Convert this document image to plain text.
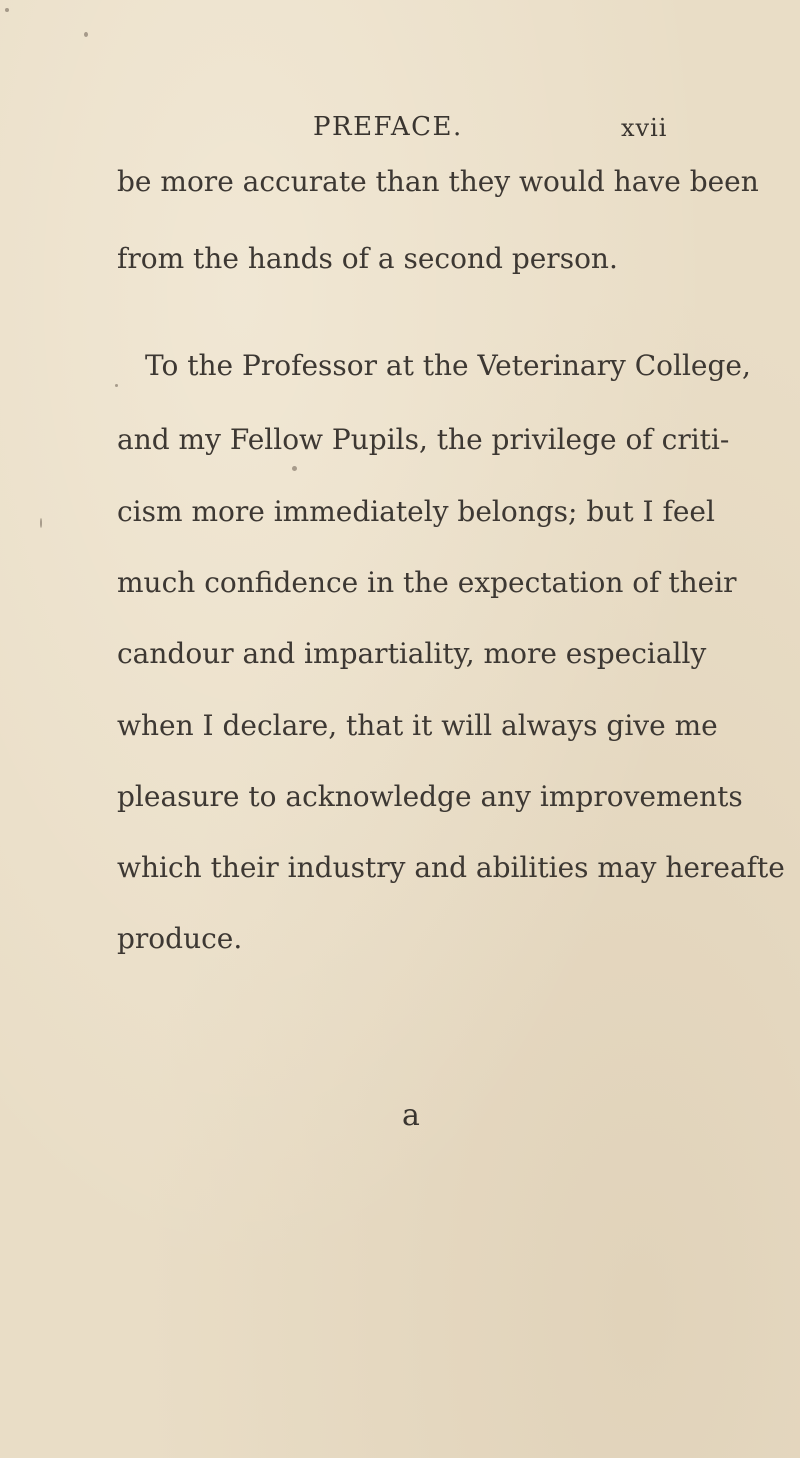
PREFACE.	xvii
be more accurate than they would have been
from the hands of a second person.
To the Professor at the Veterinary College,
and my Fellow Pupils, the privilege of criti-
cism more immediately belongs; but I feel
much confidence in the expectation of their
candour and impartiality, more especially
when I declare, that it will always give me
pleasure to acknowledge any improvements
which their industry and abilities may hereafte
produce.
a
